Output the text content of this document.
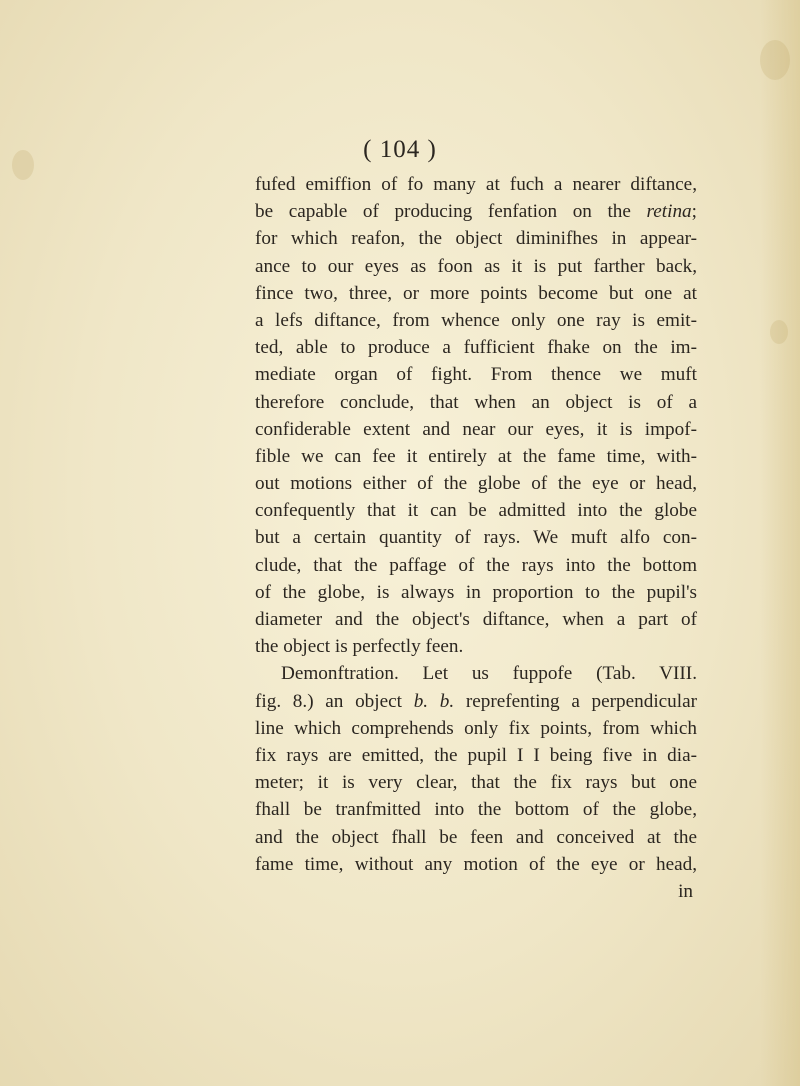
( 104 )
fufed emiffion of fo many at fuch a nearer diftance,
be capable of producing fenfation on the retina;
for which reafon, the object diminifhes in appear-
ance to our eyes as foon as it is put farther back,
fince two, three, or more points become but one at
a lefs diftance, from whence only one ray is emit-
ted, able to produce a fufficient fhake on the im-
mediate organ of fight. From thence we muft
therefore conclude, that when an object is of a
confiderable extent and near our eyes, it is impof-
fible we can fee it entirely at the fame time, with-
out motions either of the globe of the eye or head,
confequently that it can be admitted into the globe
but a certain quantity of rays. We muft alfo con-
clude, that the paffage of the rays into the bottom
of the globe, is always in proportion to the pupil's
diameter and the object's diftance, when a part of
the object is perfectly feen.
Demonftration. Let us fuppofe (Tab. VIII.
fig. 8.) an object b. b. reprefenting a perpendicular
line which comprehends only fix points, from which
fix rays are emitted, the pupil I I being five in dia-
meter; it is very clear, that the fix rays but one
fhall be tranfmitted into the bottom of the globe,
and the object fhall be feen and conceived at the
fame time, without any motion of the eye or head,
in
